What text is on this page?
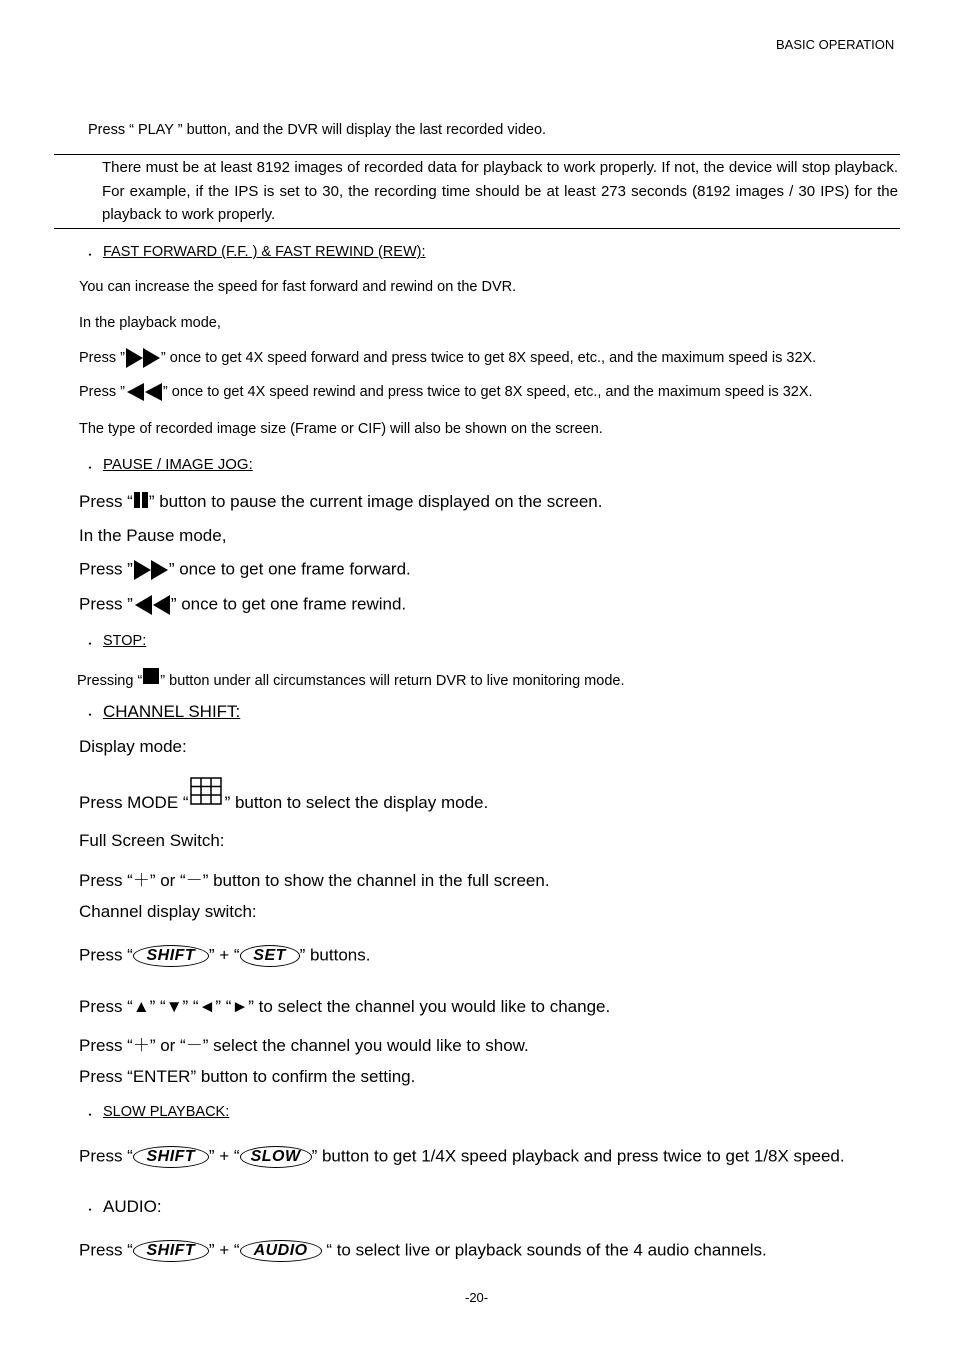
BASIC OPERATION
Press “ PLAY ” button, and the DVR will display the last recorded video.
There must be at least 8192 images of recorded data for playback to work properly. If not, the device will stop playback. For example, if the IPS is set to 30, the recording time should be at least 273 seconds (8192 images / 30 IPS) for the playback to work properly.
・ FAST FORWARD (F.F. ) & FAST REWIND (REW):
You can increase the speed for fast forward and rewind on the DVR.
In the playback mode,
Press ” ” once to get 4X speed forward and press twice to get 8X speed, etc., and the maximum speed is 32X.
Press ”	” once to get 4X speed rewind and press twice to get 8X speed, etc., and the maximum speed is 32X.
The type of recorded image size (Frame or CIF) will also be shown on the screen.
・ PAUSE / IMAGE JOG:
Press “ ” button to pause the current image displayed on the screen.
In the Pause mode,
Press ” ” once to get one frame forward.
Press ” ” once to get one frame rewind.
・ STOP:
Pressing “ ” button under all circumstances will return DVR to live monitoring mode.
・ CHANNEL SHIFT:
Display mode:
Press MODE “ ” button to select the display mode.
Full Screen Switch:
Press “＋” or “－” button to show the channel in the full screen.
Channel display switch:
Press “ SHIFT ” + “ SET ” buttons.
Press “▲” “▼” “◄” “►” to select the channel you would like to change.
Press “＋” or “－” select the channel you would like to show.
Press “ENTER” button to confirm the setting.
・ SLOW PLAYBACK:
Press “ SHIFT ” + “ SLOW ” button to get 1/4X speed playback and press twice to get 1/8X speed.
・ AUDIO:
Press “ SHIFT ” + “ AUDIO “ to select live or playback sounds of the 4 audio channels.
-20-
